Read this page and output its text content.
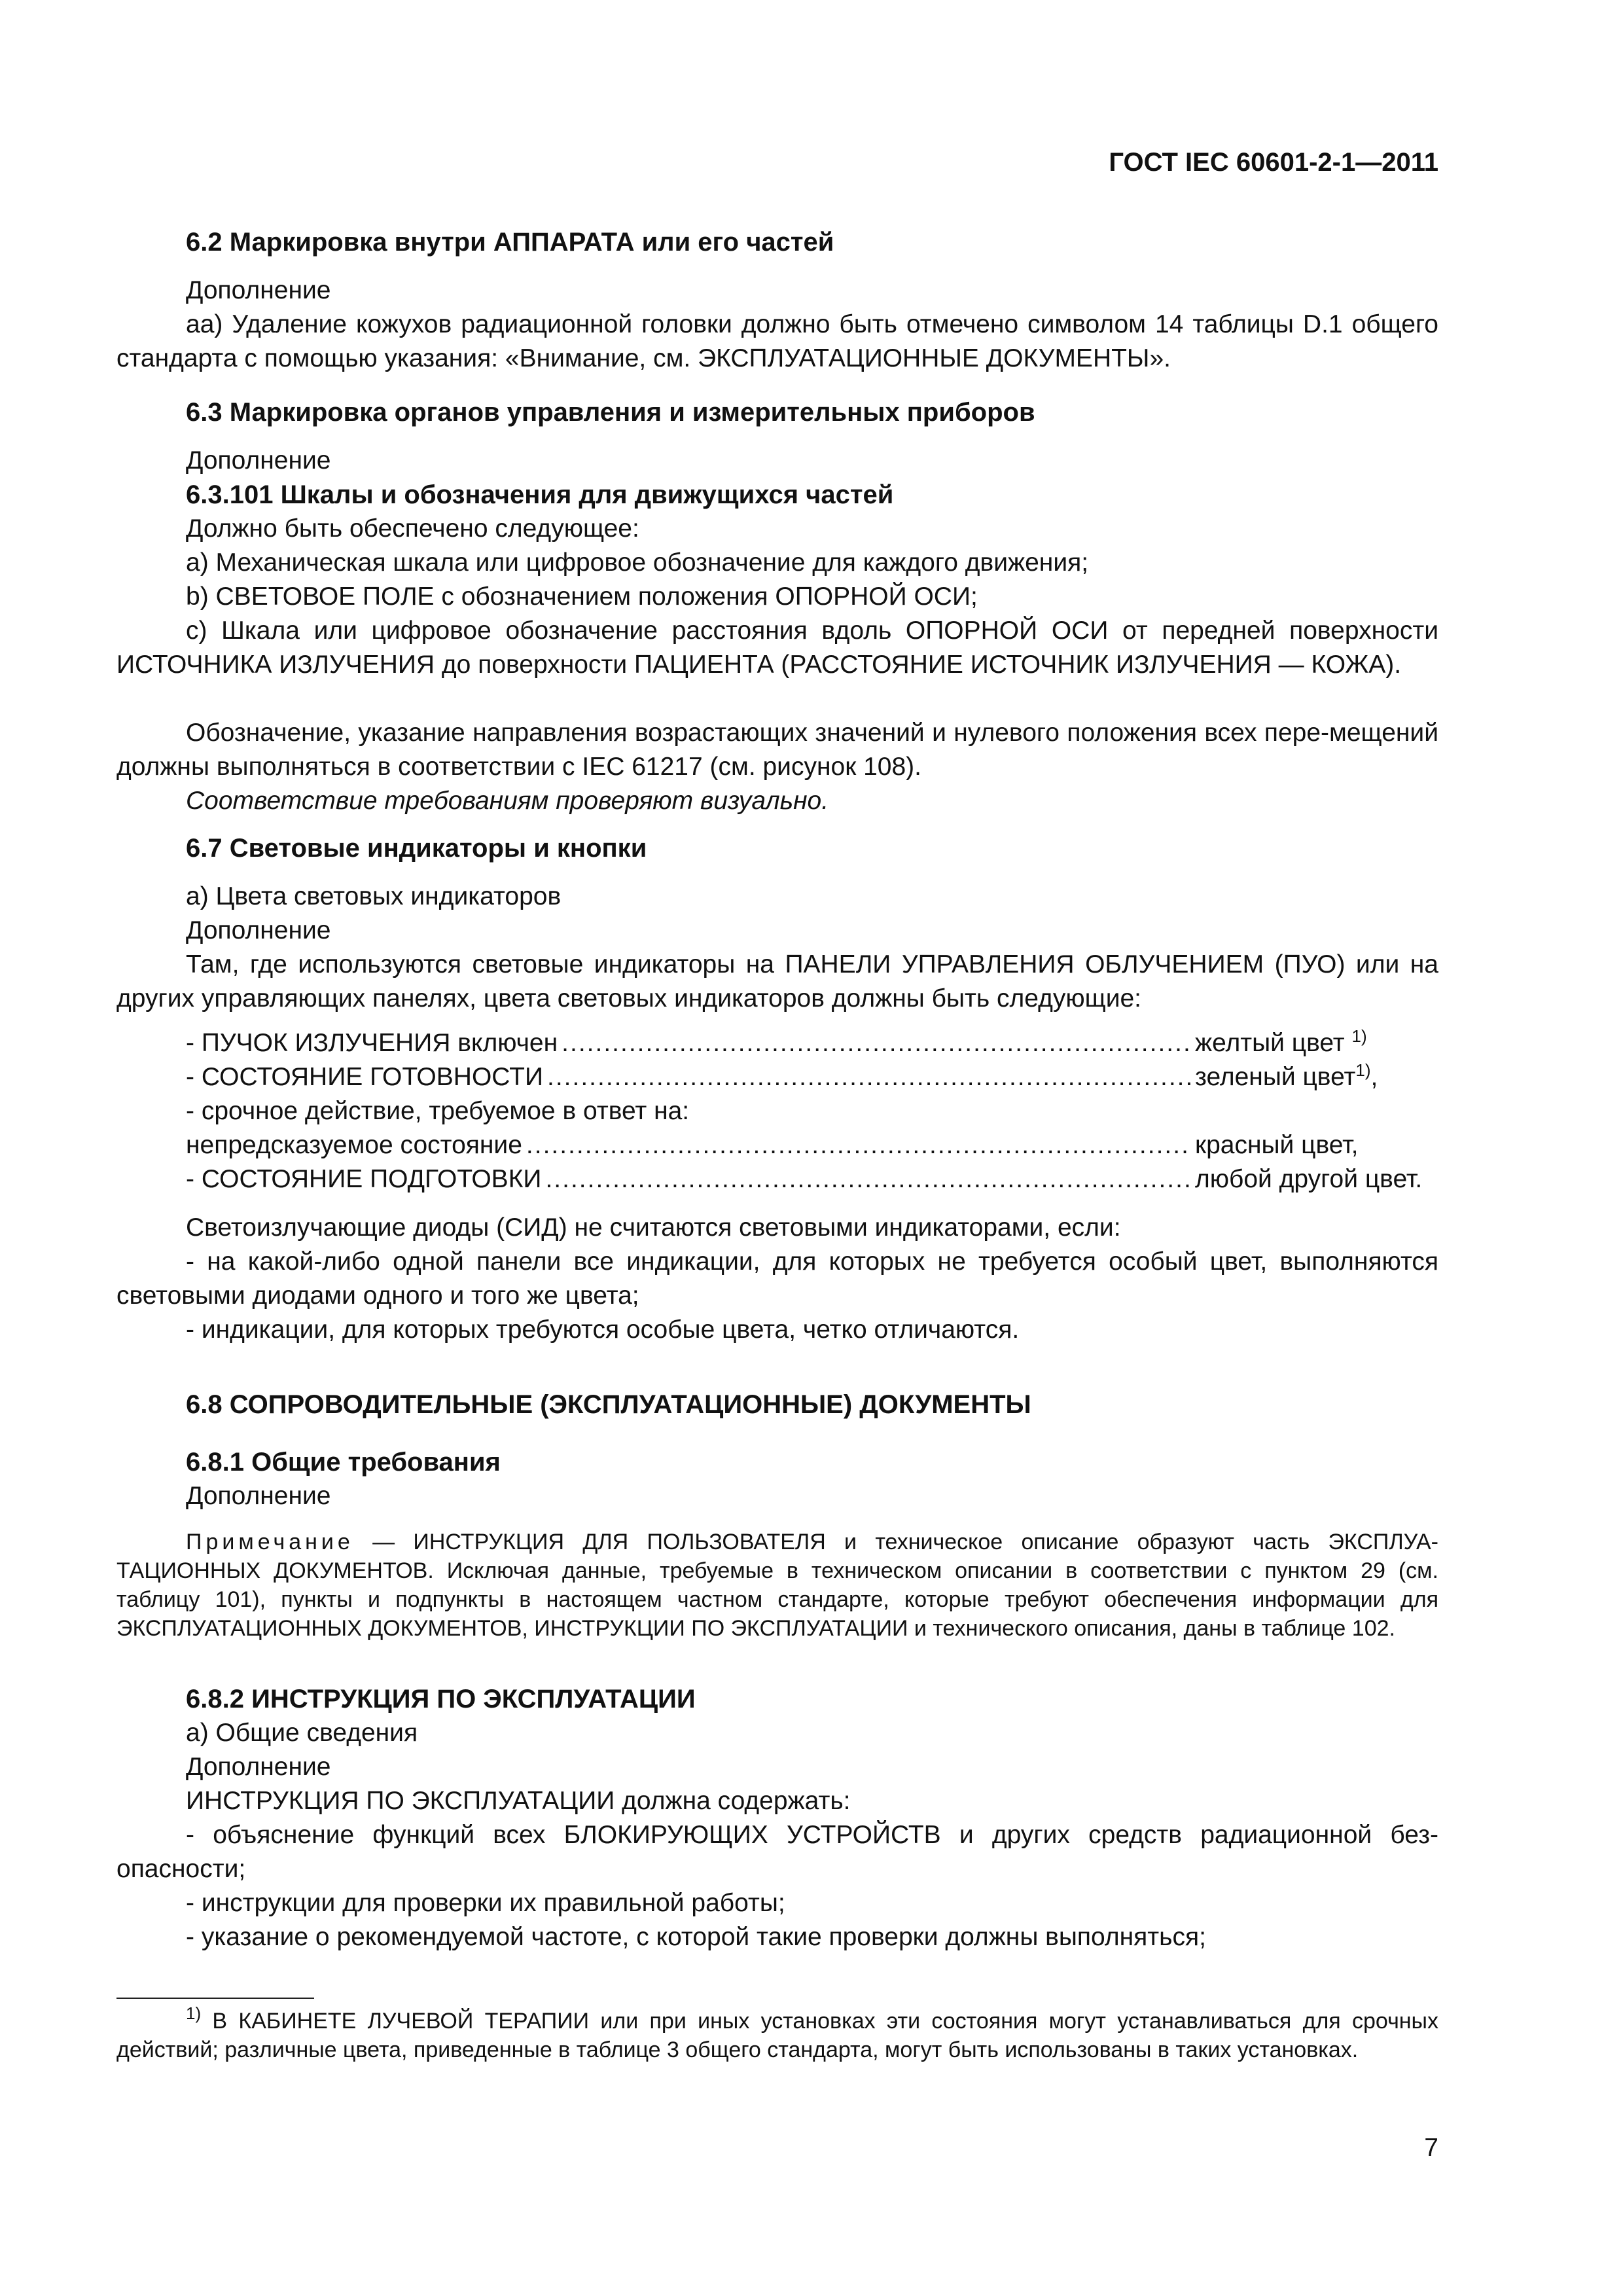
ГОСТ IEC 60601-2-1—2011
6.2 Маркировка внутри АППАРАТА или его частей
Дополнение
аа) Удаление кожухов радиационной головки должно быть отмечено символом 14 таблицы D.1 общего стандарта с помощью указания: «Внимание, см. ЭКСПЛУАТАЦИОННЫЕ ДОКУМЕНТЫ».
6.3 Маркировка органов управления и измерительных приборов
Дополнение
6.3.101 Шкалы и обозначения для движущихся частей
Должно быть обеспечено следующее:
a) Механическая шкала или цифровое обозначение для каждого движения;
b) СВЕТОВОЕ ПОЛЕ с обозначением положения ОПОРНОЙ ОСИ;
c) Шкала или цифровое обозначение расстояния вдоль ОПОРНОЙ ОСИ от передней поверхности ИСТОЧНИКА ИЗЛУЧЕНИЯ до поверхности ПАЦИЕНТА (РАССТОЯНИЕ ИСТОЧНИК ИЗЛУЧЕНИЯ — КОЖА).
Обозначение, указание направления возрастающих значений и нулевого положения всех пере-мещений должны выполняться в соответствии с IEC 61217 (см. рисунок 108).
Соответствие требованиям проверяют визуально.
6.7 Световые индикаторы и кнопки
a) Цвета световых индикаторов
Дополнение
Там, где используются световые индикаторы на ПАНЕЛИ УПРАВЛЕНИЯ ОБЛУЧЕНИЕМ (ПУО) или на других управляющих панелях, цвета световых индикаторов должны быть следующие:
- ПУЧОК ИЗЛУЧЕНИЯ включен .....	желтый цвет $^{1)}$
- СОСТОЯНИЕ ГОТОВНОСТИ .....	зеленый цвет$^{1)}$,
- срочное действие, требуемое в ответ на:
непредсказуемое состояние .....	красный цвет,
- СОСТОЯНИЕ ПОДГОТОВКИ .....	любой другой цвет.
Светоизлучающие диоды (СИД) не считаются световыми индикаторами, если:
- на какой-либо одной панели все индикации, для которых не требуется особый цвет, выполняются световыми диодами одного и того же цвета;
- индикации, для которых требуются особые цвета, четко отличаются.
6.8 СОПРОВОДИТЕЛЬНЫЕ (ЭКСПЛУАТАЦИОННЫЕ) ДОКУМЕНТЫ
6.8.1 Общие требования
Дополнение
Примечание — ИНСТРУКЦИЯ ДЛЯ ПОЛЬЗОВАТЕЛЯ и техническое описание образуют часть ЭКСПЛУА-ТАЦИОННЫХ ДОКУМЕНТОВ. Исключая данные, требуемые в техническом описании в соответствии с пунктом 29 (см. таблицу 101), пункты и подпункты в настоящем частном стандарте, которые требуют обеспечения информации для ЭКСПЛУАТАЦИОННЫХ ДОКУМЕНТОВ, ИНСТРУКЦИИ ПО ЭКСПЛУАТАЦИИ и технического описания, даны в таблице 102.
6.8.2 ИНСТРУКЦИЯ ПО ЭКСПЛУАТАЦИИ
a) Общие сведения
Дополнение
ИНСТРУКЦИЯ ПО ЭКСПЛУАТАЦИИ должна содержать:
- объяснение функций всех БЛОКИРУЮЩИХ УСТРОЙСТВ и других средств радиационной без-опасности;
- инструкции для проверки их правильной работы;
- указание о рекомендуемой частоте, с которой такие проверки должны выполняться;
$^{1)}$ В КАБИНЕТЕ ЛУЧЕВОЙ ТЕРАПИИ или при иных установках эти состояния могут устанавливаться для срочных действий; различные цвета, приведенные в таблице 3 общего стандарта, могут быть использованы в таких установках.
7
